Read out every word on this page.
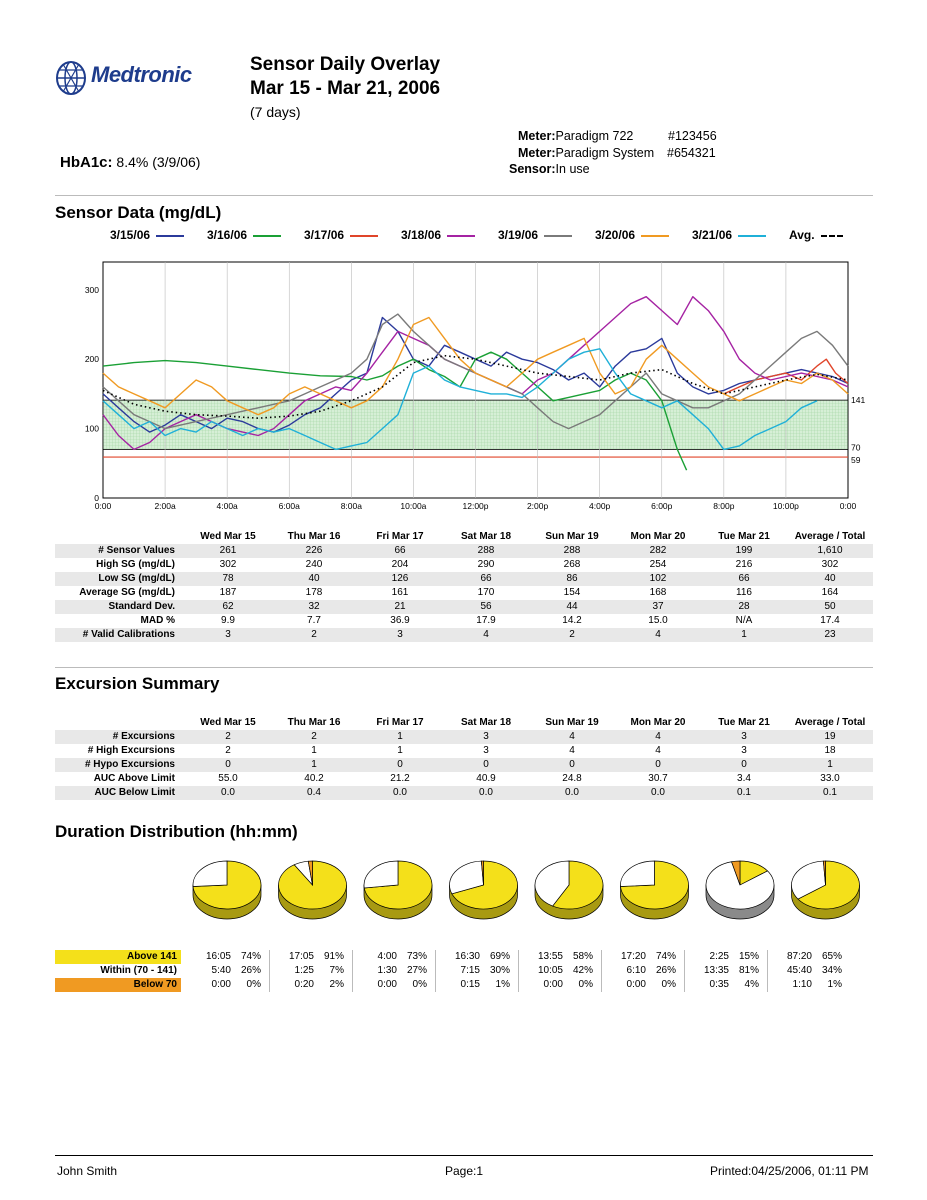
Medtronic	Sensor Daily Overlay
Mar 15 - Mar 21, 2006
(7 days)
Meter:Paradigm 722	#123456
Meter:Paradigm System #654321
Sensor:In use
HbA1c: 8.4% (3/9/06)
Sensor Data (mg/dL)
3/15/06	3/16/06	3/17/06	3/18/06	3/19/06	3/20/06	3/21/06	Avg.
0:00	2:00a	4:00a	6:00a	8:00a	10:00a	12:00p	2:00p	4:00p	6:00p	8:00p	10:00p	0:00
0
100
200
300
141
70
59
	Wed Mar 15	Thu Mar 16	Fri Mar 17	Sat Mar 18	Sun Mar 19	Mon Mar 20	Tue Mar 21	Average / Total
# Sensor Values	261	226	66	288	288	282	199	1,610
High SG (mg/dL)	302	240	204	290	268	254	216	302
Low SG (mg/dL)	78	40	126	66	86	102	66	40
Average SG (mg/dL)	187	178	161	170	154	168	116	164
Standard Dev.	62	32	21	56	44	37	28	50
MAD %	9.9	7.7	36.9	17.9	14.2	15.0	N/A	17.4
# Valid Calibrations	3	2	3	4	2	4	1	23
Excursion Summary
	Wed Mar 15	Thu Mar 16	Fri Mar 17	Sat Mar 18	Sun Mar 19	Mon Mar 20	Tue Mar 21	Average / Total
# Excursions	2	2	1	3	4	4	3	19
# High Excursions	2	1	1	3	4	4	3	18
# Hypo Excursions	0	1	0	0	0	0	0	1
AUC Above Limit	55.0	40.2	21.2	40.9	24.8	30.7	3.4	33.0
AUC Below Limit	0.0	0.4	0.0	0.0	0.0	0.0	0.1	0.1
Duration Distribution (hh:mm)
Above 141		16:05	74%	17:05	91%	4:00	73%	16:30	69%	13:55	58%	17:20	74%	2:25	15%	87:20	65%
Within (70 - 141)		5:40	26%	1:25	7%	1:30	27%	7:15	30%	10:05	42%	6:10	26%	13:35	81%	45:40	34%
Below 70		0:00	0%	0:20	2%	0:00	0%	0:15	1%	0:00	0%	0:00	0%	0:35	4%	1:10	1%
John Smith	Page:1	Printed:04/25/2006, 01:11 PM
